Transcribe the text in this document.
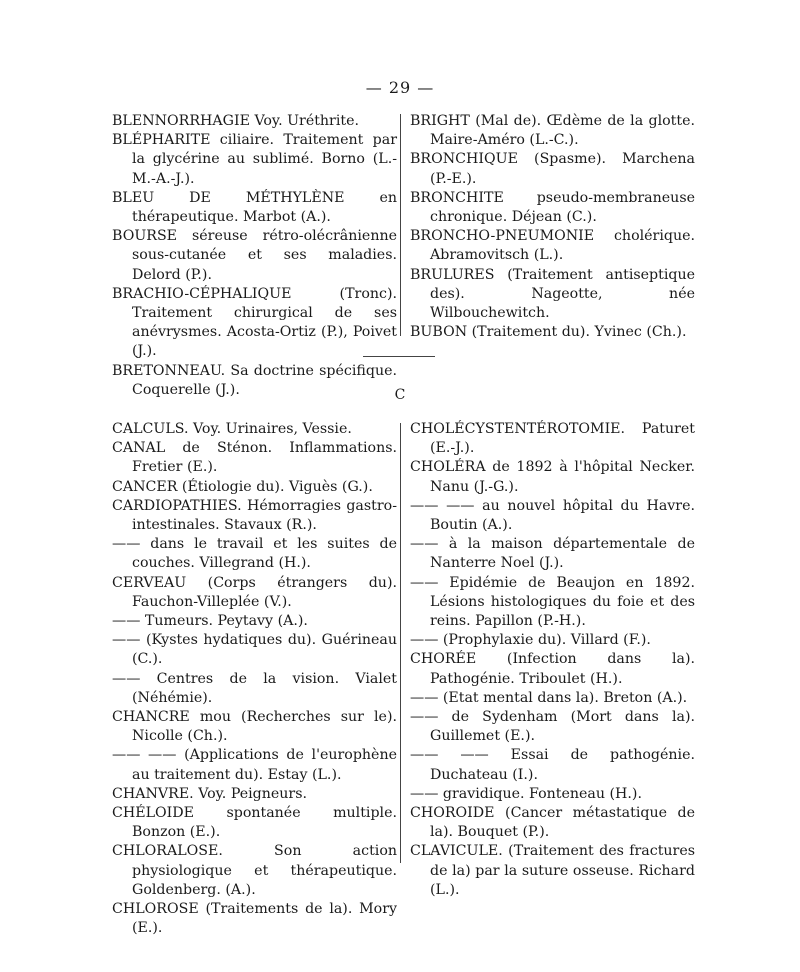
— 29 —

BLENNORRHAGIE Voy. Uréthrite.

BLÉPHARITE ciliaire. Traitement par la glycérine au sublimé. Borno (L.-M.-A.-J.).

BLEU DE MÉTHYLÈNE en thérapeutique. Marbot (A.).

BOURSE séreuse rétro-olécrânienne sous-cutanée et ses maladies. Delord (P.).

BRACHIO-CÉPHALIQUE (Tronc). Traitement chirurgical de ses anévrysmes. Acosta-Ortiz (P.), Poivet (J.).

BRETONNEAU. Sa doctrine spécifique. Coquerelle (J.).

BRIGHT (Mal de). Œdème de la glotte. Maire-Améro (L.-C.).

BRONCHIQUE (Spasme). Marchena (P.-E.).

BRONCHITE pseudo-membraneuse chronique. Déjean (C.).

BRONCHO-PNEUMONIE cholérique. Abramovitsch (L.).

BRULURES (Traitement antiseptique des). Nageotte, née Wilbouchewitch.

BUBON (Traitement du). Yvinec (Ch.).

C

CALCULS. Voy. Urinaires, Vessie.

CANAL de Sténon. Inflammations. Fretier (E.).

CANCER (Étiologie du). Viguès (G.).

CARDIOPATHIES. Hémorragies gastro-intestinales. Stavaux (R.).

—— dans le travail et les suites de couches. Villegrand (H.).

CERVEAU (Corps étrangers du). Fauchon-Villeplée (V.).

—— Tumeurs. Peytavy (A.).

—— (Kystes hydatiques du). Guérineau (C.).

—— Centres de la vision. Vialet (Néhémie).

CHANCRE mou (Recherches sur le). Nicolle (Ch.).

—— —— (Applications de l'europhène au traitement du). Estay (L.).

CHANVRE. Voy. Peigneurs.

CHÉLOIDE spontanée multiple. Bonzon (E.).

CHLORALOSE. Son action physiologique et thérapeutique. Goldenberg. (A.).

CHLOROSE (Traitements de la). Mory (E.).

CHOLÉCYSTENTÉROTOMIE. Paturet (E.-J.).

CHOLÉRA de 1892 à l'hôpital Necker. Nanu (J.-G.).

—— —— au nouvel hôpital du Havre. Boutin (A.).

—— à la maison départementale de Nanterre Noel (J.).

—— Epidémie de Beaujon en 1892. Lésions histologiques du foie et des reins. Papillon (P.-H.).

—— (Prophylaxie du). Villard (F.).

CHORÉE (Infection dans la). Pathogénie. Triboulet (H.).

—— (Etat mental dans la). Breton (A.).

—— de Sydenham (Mort dans la). Guillemet (E.).

—— —— Essai de pathogénie. Duchateau (I.).

—— gravidique. Fonteneau (H.).

CHOROIDE (Cancer métastatique de la). Bouquet (P.).

CLAVICULE. (Traitement des fractures de la) par la suture osseuse. Richard (L.).
